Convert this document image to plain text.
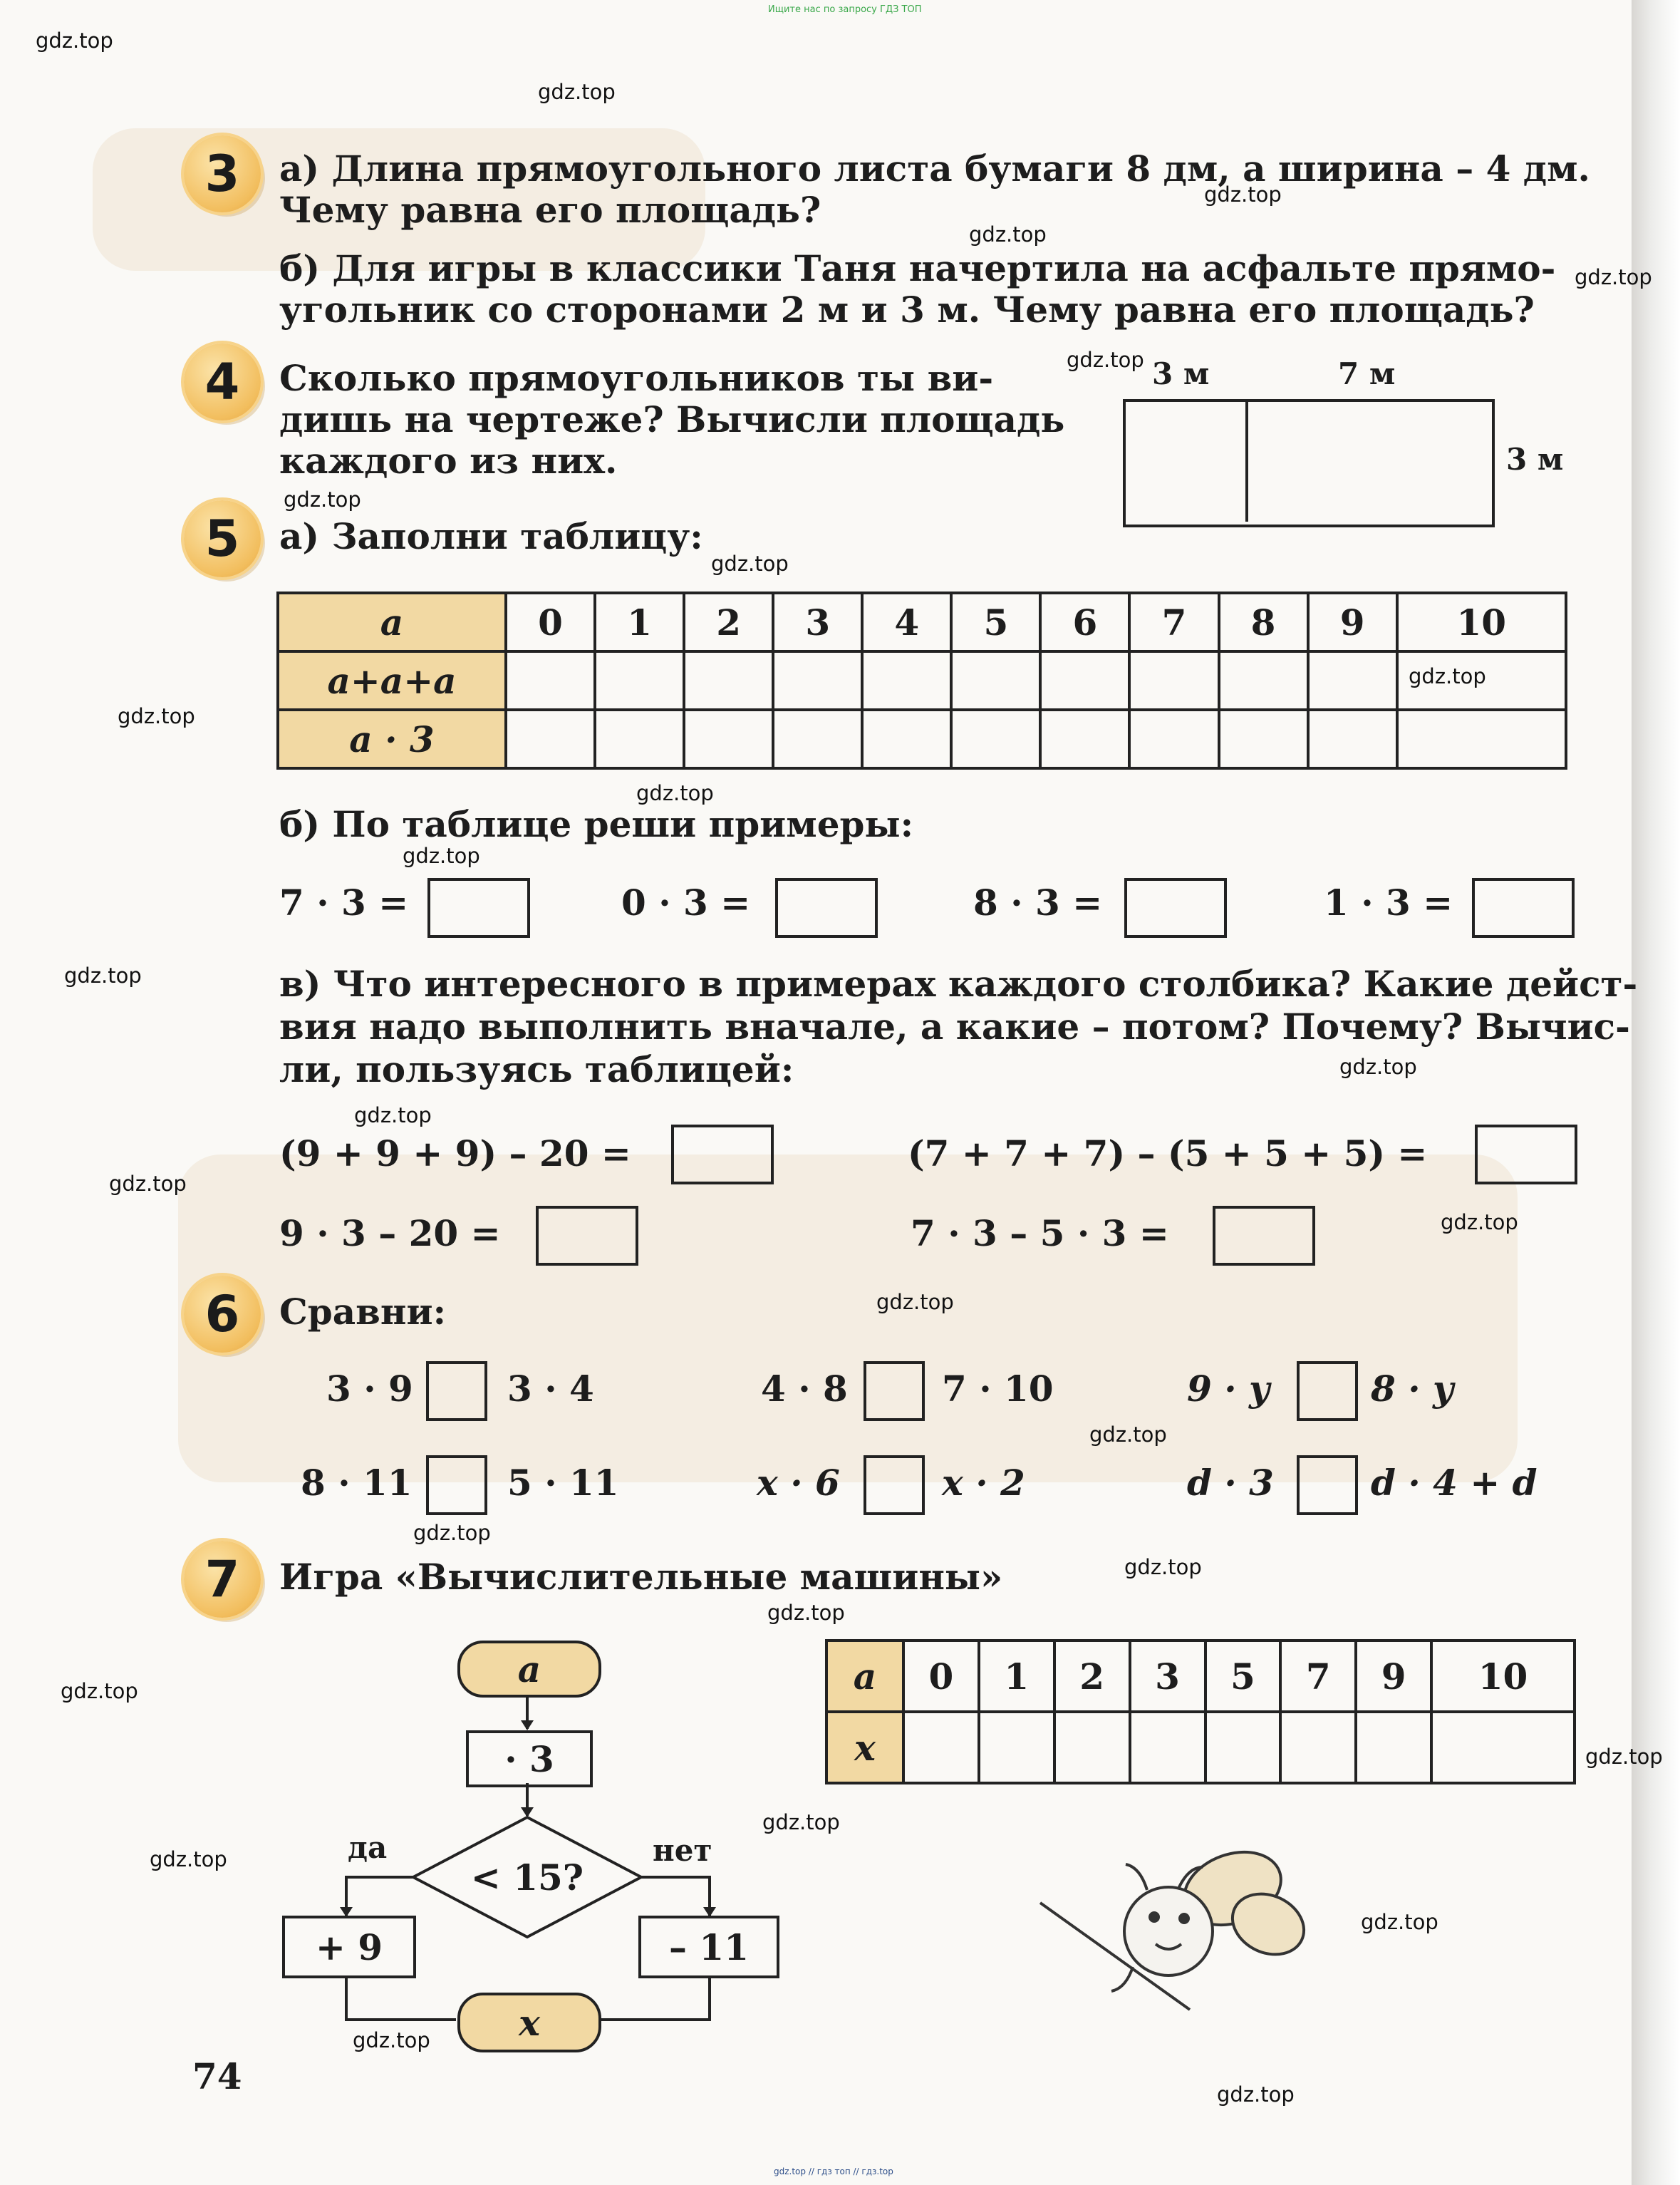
Ищите нас по запросу ГДЗ ТОП
gdz.top // гдз топ // гдз.top
gdz.top
gdz.top
gdz.top
gdz.top
gdz.top
gdz.top
gdz.top
gdz.top
gdz.top
gdz.top
gdz.top
gdz.top
gdz.top
gdz.top
gdz.top
gdz.top
gdz.top
gdz.top
gdz.top
gdz.top
gdz.top
gdz.top
gdz.top
gdz.top
gdz.top
gdz.top
gdz.top
gdz.top
gdz.top
3	а) Длина прямоугольного листа бумаги 8 дм, а ширина – 4 дм.
Чему равна его площадь?
б) Для игры в классики Таня начертила на асфальте прямо-
угольник со сторонами 2 м и 3 м. Чему равна его площадь?
4	Сколько прямоугольников ты ви-
дишь на чертеже? Вычисли площадь
каждого из них.
3 м	7 м
3 м
5	а) Заполни таблицу:
a	0	1	2	3	4	5	6	7	8	9	10
a+a+a											
a · 3											
б) По таблице реши примеры:
7 · 3 =	0 · 3 =	8 · 3 =	1 · 3 =
в) Что интересного в примерах каждого столбика? Какие дейст-
вия надо выполнить вначале, а какие – потом? Почему? Вычис-
ли, пользуясь таблицей:
(9 + 9 + 9) – 20 =	(7 + 7 + 7) – (5 + 5 + 5) =
9 · 3 – 20 =	7 · 3 – 5 · 3 =
6	Сравни:
3 · 9	3 · 4	4 · 8	7 · 10	9 · y	8 · y
8 · 11	5 · 11	x · 6	x · 2	d · 3	d · 4 + d
7	Игра «Вычислительные машины»
a
· 3
< 15?
да	нет
+ 9	– 11
x
a	0	1	2	3	5	7	9	10
x								
74
